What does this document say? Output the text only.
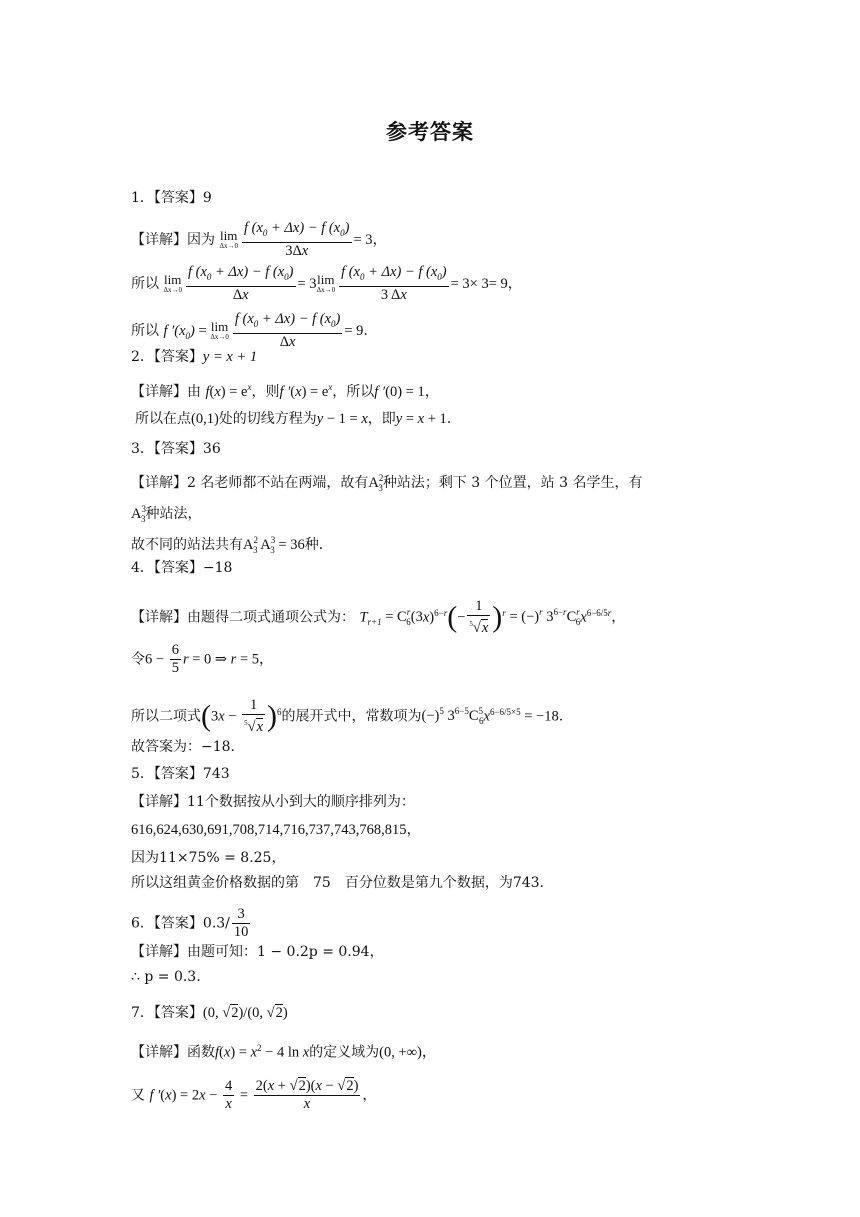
参考答案
1．【答案】9
【详解】因为 lim
$\Delta x\to 0 \frac{f (x_0 + \Delta x) - f (x_0)}{3\Delta x} = 3$，
所以 lim
$\Delta x\to 0 \frac{f (x_0 + \Delta x) - f (x_0)}{\Delta x} = 3$ lim
$\Delta x\to 0 \frac{f (x_0 + \Delta x) - f (x_0)}{3 \Delta x} = 3\times 3= 9$，
所以 f $'(x_0) = \lim$
$\Delta x\to 0 \frac{f (x_0 + \Delta x) - f (x_0)}{\Delta x} = 9$．
2．【答案】y = x + 1
【详解】由 $f(x) = e^x$，则f $'(x) = e^x$，所以f ′(0) = 1，
所以在点(0,1)处的切线方程为y − 1 = x，即y = x + 1．
3．【答案】36
【详解】2 名老师都不站在两端，故有$A^2_3$种站法；剩下 3 个位置，站 3 名学生，有
$A^3_3$种站法，
故不同的站法共有$A^2_3$ $A^3_3 = 36$种．
4．【答案】−18
【详解】由题得二项式通项公式为： $T_{r+1} = C^r_6(3x)^{6-r}(- \frac{1}{^5√x} )^r = (-)^r$ $3^{6-r}C^r_6x^{6-6/5r}$，
令$6 - \frac{6}{5}$ r = 0 ⇒ r = 5，
所以二项式$(3x - \frac{1}{^5√x} )^6$的展开式中，常数项为$(-)^5$ $3^{6-5}C^5_6x^{6-6/5\times 5} = -18$.
故答案为：−18．
5．【答案】743
【详解】11个数据按从小到大的顺序排列为：
616,624,630,691,708,714,716,737,743,768,815，
因为11×75% = 8.25，
所以这组黄金价格数据的第　75　百分位数是第九个数据，为743.
6．【答案】$0.3/ \frac{3}{10}$
【详解】由题可知：1 − 0.2p = 0.94，
∴ p = 0.3.
7．【答案】(0, √2)/(0, √2)
【详解】函数$f(x) = x^2 - 4$ ln x的定义域为(0, +∞)，
又 f $'(x) = 2x - \frac{4}{x} = \frac{2(x + √2)(x - √2)}{x}$ ，
